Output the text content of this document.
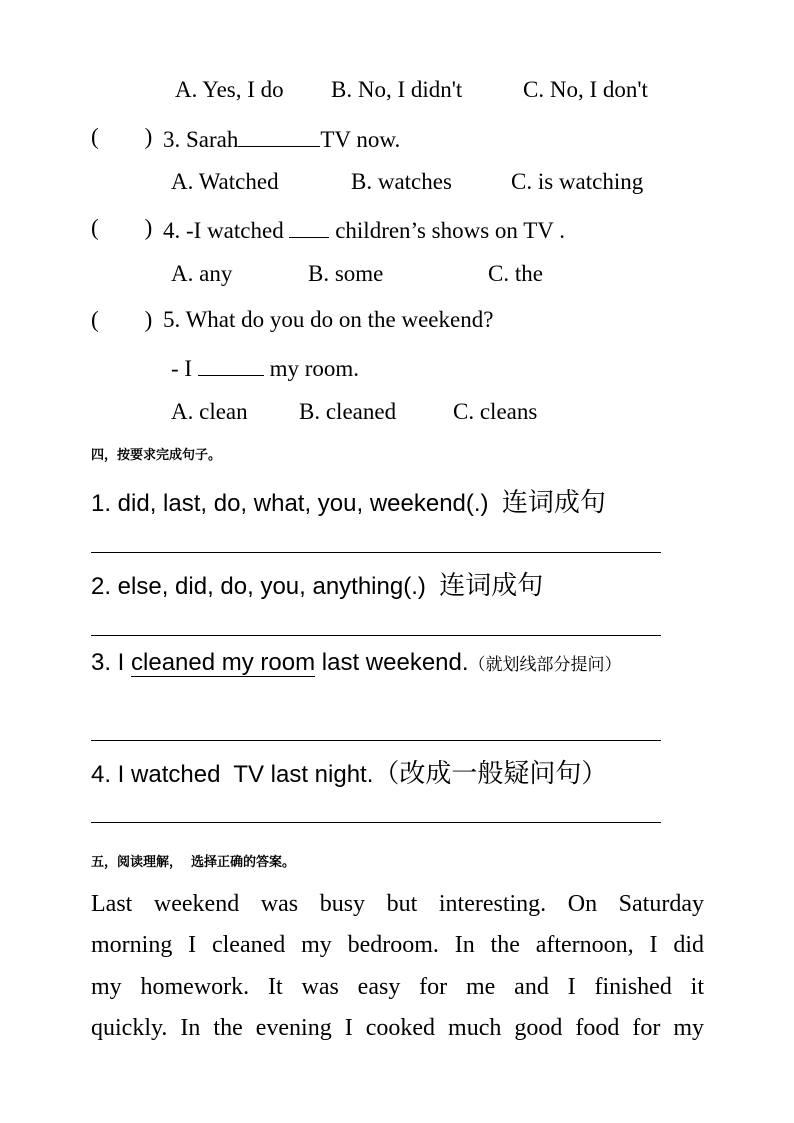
A. Yes, I do B. No, I didn't	C. No, I don't
(        ) 3. Sarah	TV now.
A. Watched	B. watches	C. is watching
(        ) 4. -I watched  children’s shows on TV .
A. any	B. some	C. the
(        ) 5. What do you do on the weekend?
- I	my room.
A. clean B. cleaned C. cleans
四，按要求完成句子。
1. did, last, do, what, you, weekend(.) 连词成句
2. else, did, do, you, anything(.) 连词成句
3. I cleaned my room last weekend.（就划线部分提问）
4. I watched  TV last night.（改成一般疑问句）
五，阅读理解，  选择正确的答案。
Last weekend was busy but interesting. On Saturday
morning I cleaned my bedroom. In the afternoon, I did
my homework. It was easy for me and I finished it
quickly. In the evening I cooked much good food for my
